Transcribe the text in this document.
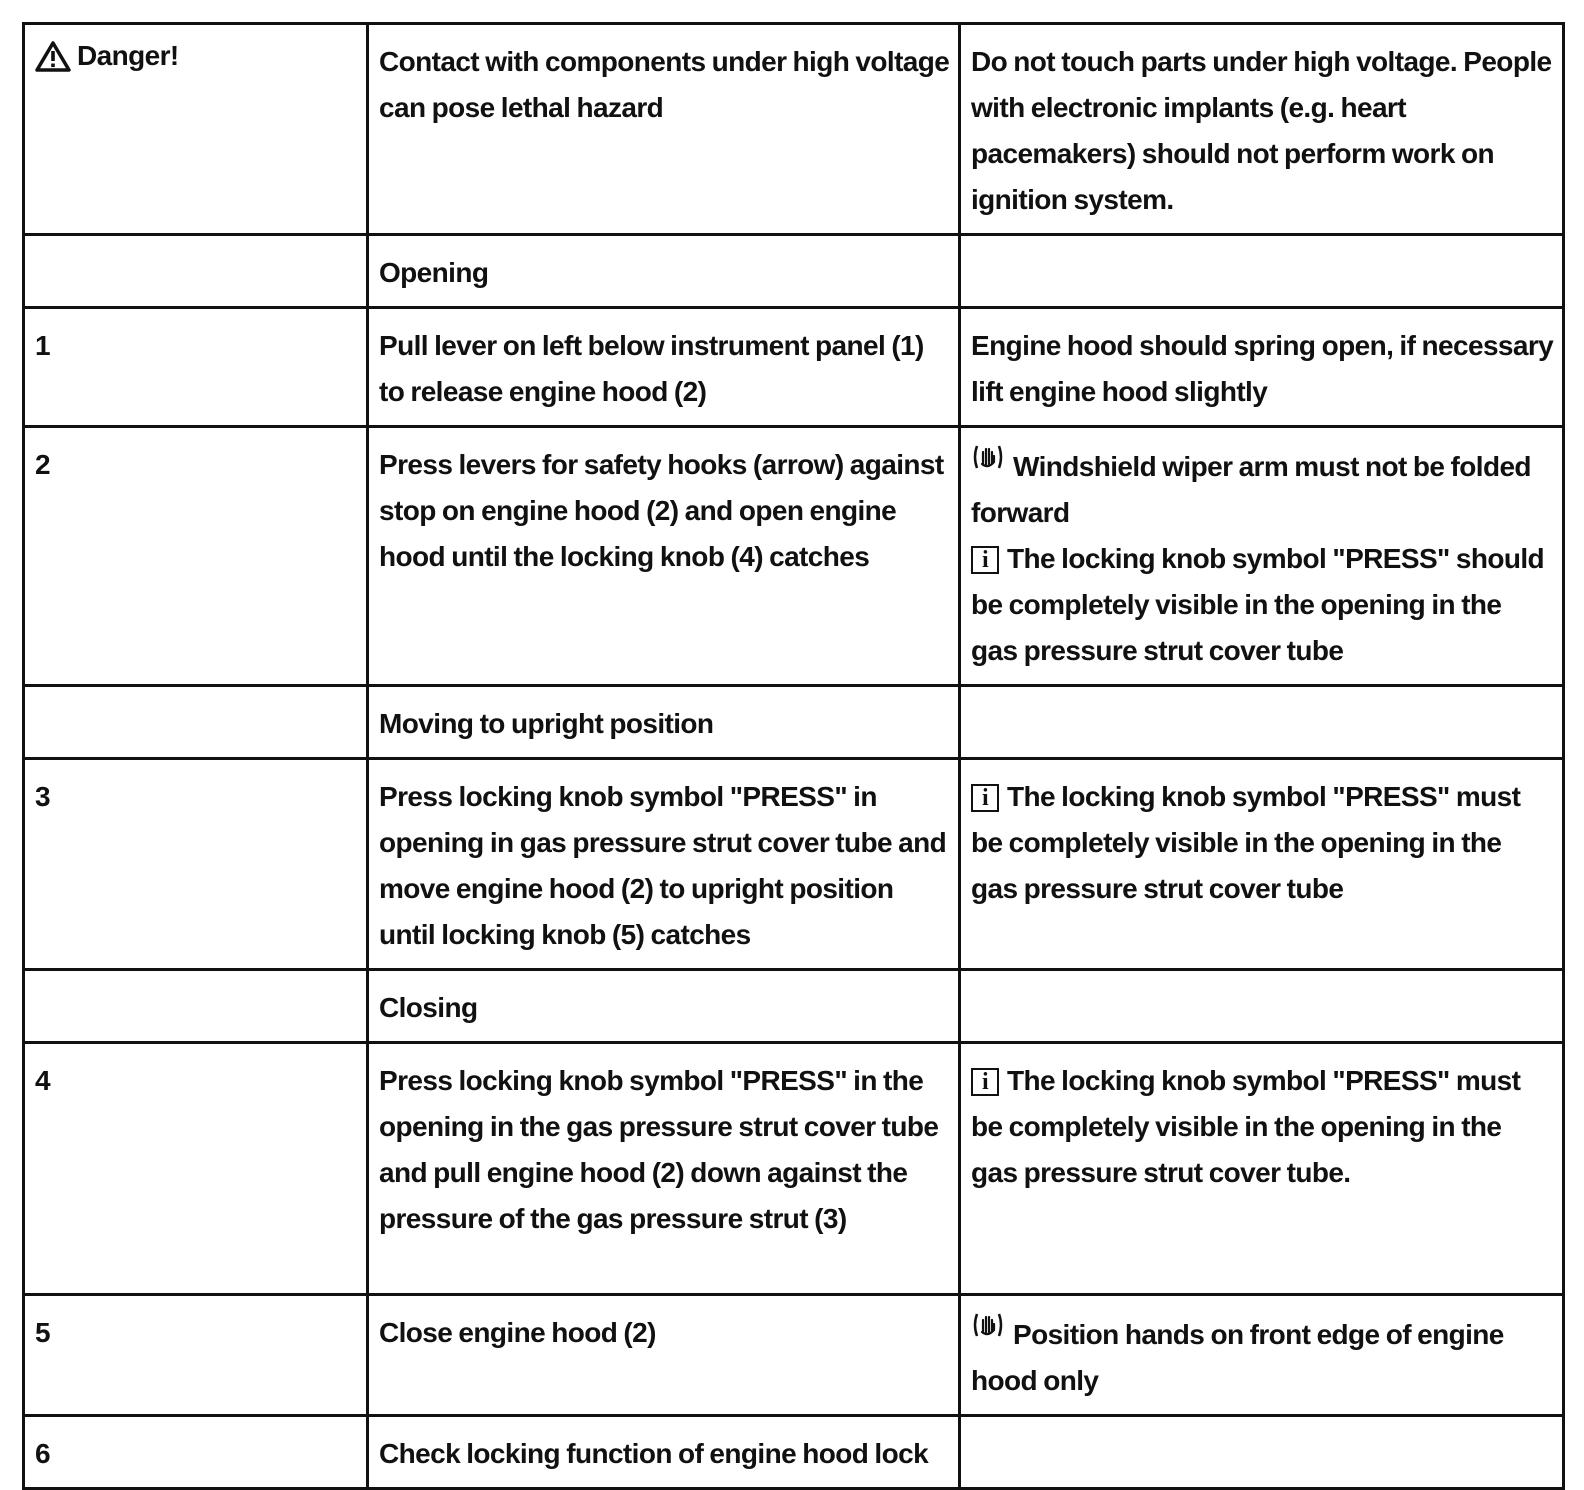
Danger!	Contact with components under high voltage can pose lethal hazard	Do not touch parts under high voltage. People with electronic implants (e.g. heart pacemakers) should not perform work on ignition system.
	Opening	
1	Pull lever on left below instrument panel (1) to release engine hood (2)	Engine hood should spring open, if necessary lift engine hood slightly
2	Press levers for safety hooks (arrow) against stop on engine hood (2) and open engine hood until the locking knob (4) catches	Windshield wiper arm must not be folded forward
i The locking knob symbol "PRESS" should be completely visible in the opening in the gas pressure strut cover tube

	Moving to upright position	
3	Press locking knob symbol "PRESS" in opening in gas pressure strut cover tube and move engine hood (2) to upright position until locking knob (5) catches	i The locking knob symbol "PRESS" must be completely visible in the opening in the gas pressure strut cover tube

	Closing	
4	Press locking knob symbol "PRESS" in the opening in the gas pressure strut cover tube and pull engine hood (2) down against the pressure of the gas pressure strut (3)	i The locking knob symbol "PRESS" must be completely visible in the opening in the gas pressure strut cover tube.

5	Close engine hood (2)	Position hands on front edge of engine hood only

6	Check locking function of engine hood lock	
